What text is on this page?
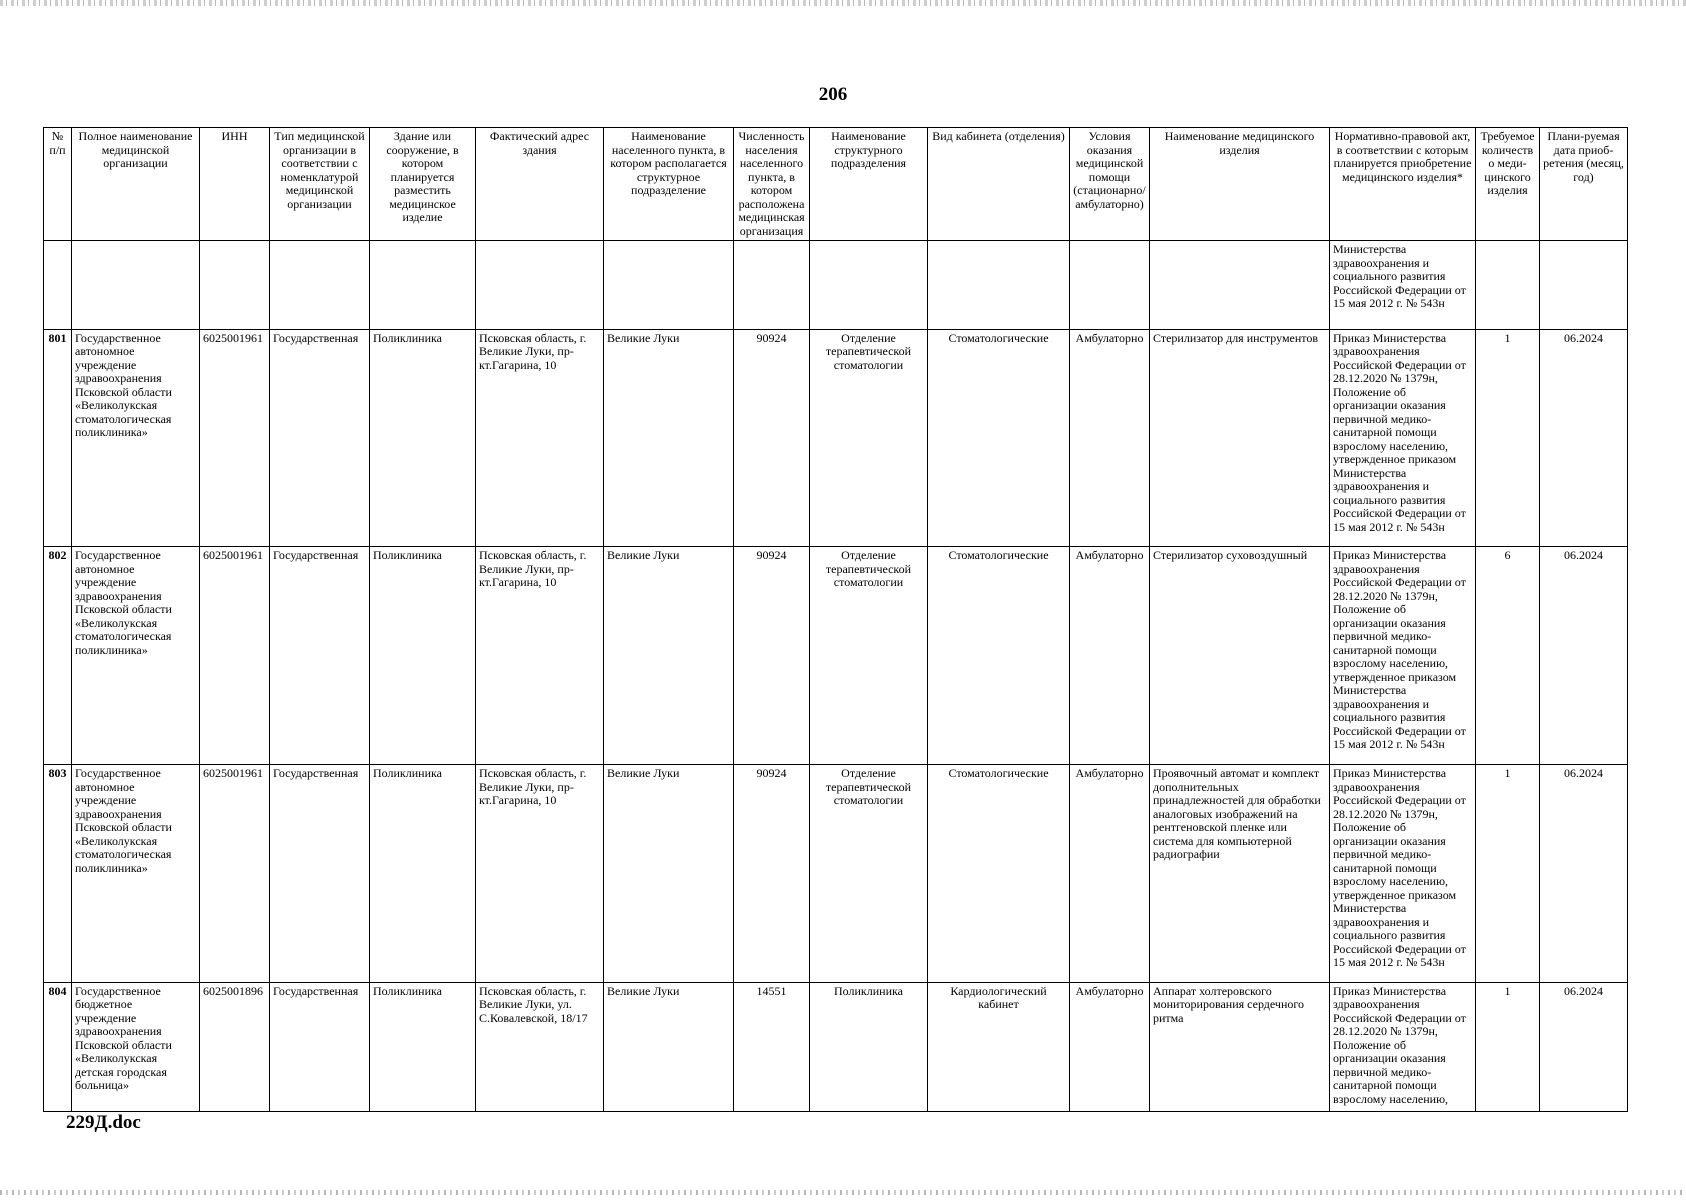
206
№ п/п	Полное наименование медицинской организации	ИНН	Тип медицинской организации в соответствии с номенклатурой медицинской организации	Здание или сооружение, в котором планируется разместить медицинское изделие	Фактический адрес здания	Наименование населенного пункта, в котором располагается структурное подразделение	Численность населения населенного пункта, в котором расположена медицинская организация	Наименование структурного подразделения	Вид кабинета (отделения)	Условия оказания медицинской помощи (стационарно/ амбулаторно)	Наименование медицинского изделия	Нормативно-правовой акт, в соответствии с которым планируется приобретение медицинского изделия*	Требуемое количество меди-цинского изделия	Плани-руемая дата приоб-ретения (месяц, год)
												Министерства здравоохранения и социального развития Российской Федерации от 15 мая 2012 г. № 543н		
801	Государственное автономное учреждение здравоохранения Псковской области «Великолукская стоматологическая поликлиника»	6025001961	Государственная	Поликлиника	Псковская область, г. Великие Луки, пр-кт.Гагарина, 10	Великие Луки	90924	Отделение терапевтической стоматологии	Стоматологические	Амбулаторно	Стерилизатор для инструментов	Приказ Министерства здравоохранения Российской Федерации от 28.12.2020 № 1379н, Положение об организации оказания первичной медико-санитарной помощи взрослому населению, утвержденное приказом Министерства здравоохранения и социального развития Российской Федерации от 15 мая 2012 г. № 543н	1	06.2024
802	Государственное автономное учреждение здравоохранения Псковской области «Великолукская стоматологическая поликлиника»	6025001961	Государственная	Поликлиника	Псковская область, г. Великие Луки, пр-кт.Гагарина, 10	Великие Луки	90924	Отделение терапевтической стоматологии	Стоматологические	Амбулаторно	Стерилизатор суховоздушный	Приказ Министерства здравоохранения Российской Федерации от 28.12.2020 № 1379н, Положение об организации оказания первичной медико-санитарной помощи взрослому населению, утвержденное приказом Министерства здравоохранения и социального развития Российской Федерации от 15 мая 2012 г. № 543н	6	06.2024
803	Государственное автономное учреждение здравоохранения Псковской области «Великолукская стоматологическая поликлиника»	6025001961	Государственная	Поликлиника	Псковская область, г. Великие Луки, пр-кт.Гагарина, 10	Великие Луки	90924	Отделение терапевтической стоматологии	Стоматологические	Амбулаторно	Проявочный автомат и комплект дополнительных принадлежностей для обработки аналоговых изображений на рентгеновской пленке или система для компьютерной радиографии	Приказ Министерства здравоохранения Российской Федерации от 28.12.2020 № 1379н, Положение об организации оказания первичной медико-санитарной помощи взрослому населению, утвержденное приказом Министерства здравоохранения и социального развития Российской Федерации от 15 мая 2012 г. № 543н	1	06.2024
804	Государственное бюджетное учреждение здравоохранения Псковской области «Великолукская детская городская больница»	6025001896	Государственная	Поликлиника	Псковская область, г. Великие Луки, ул. С.Ковалевской, 18/17	Великие Луки	14551	Поликлиника	Кардиологический кабинет	Амбулаторно	Аппарат холтеровского мониторирования сердечного ритма	Приказ Министерства здравоохранения Российской Федерации от 28.12.2020 № 1379н, Положение об организации оказания первичной медико-санитарной помощи взрослому населению,	1	06.2024
229Д.doc
